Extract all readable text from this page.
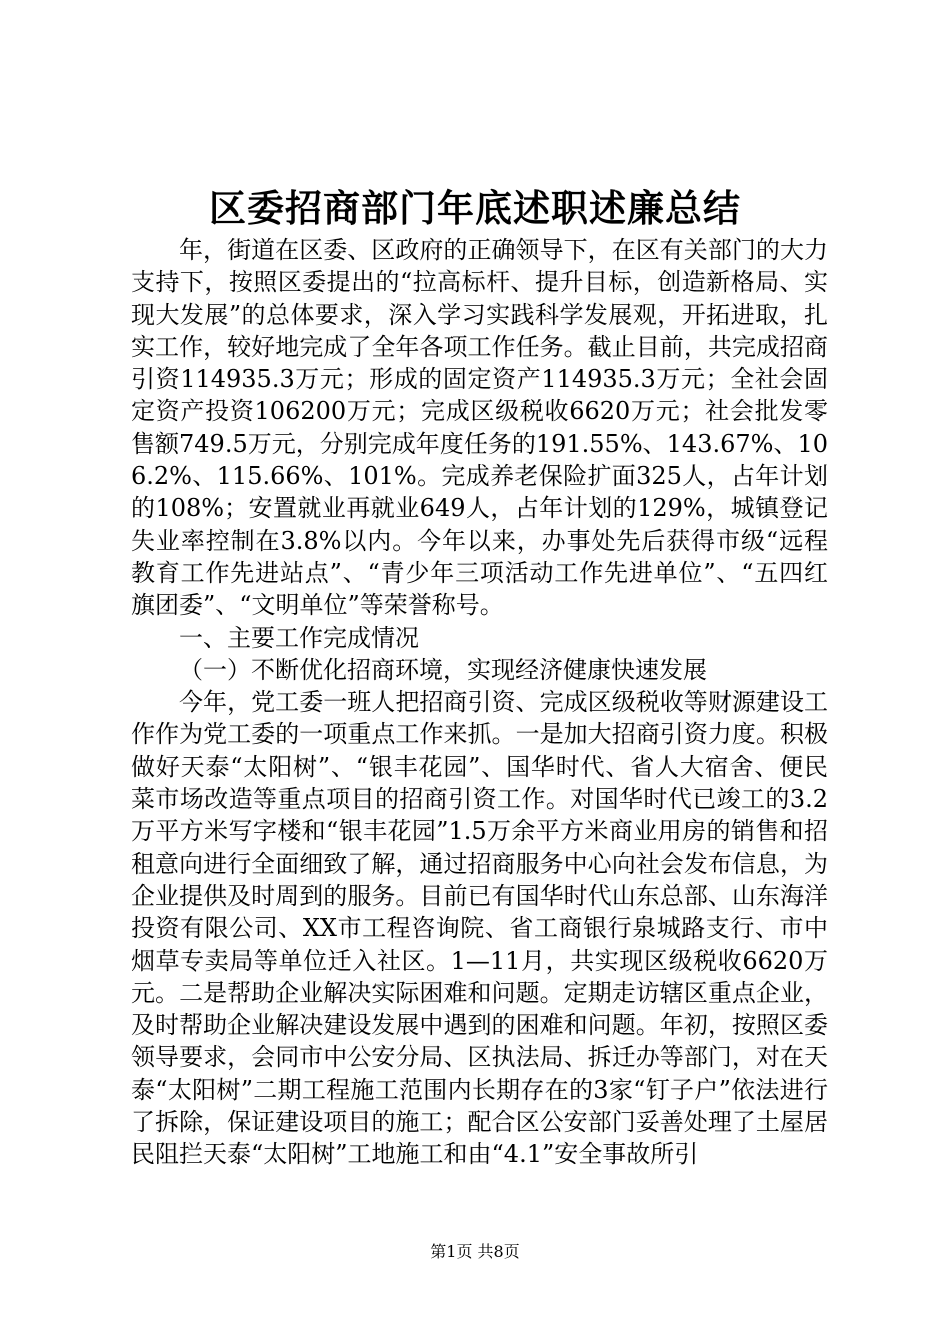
区委招商部门年底述职述廉总结

年，街道在区委、区政府的正确领导下，在区有关部门的大力支持下，按照区委提出的“拉高标杆、提升目标，创造新格局、实现大发展”的总体要求，深入学习实践科学发展观，开拓进取，扎实工作，较好地完成了全年各项工作任务。截止目前，共完成招商引资114935.3万元；形成的固定资产114935.3万元；全社会固定资产投资106200万元；完成区级税收6620万元；社会批发零售额749.5万元，分别完成年度任务的191.55%、143.67%、106.2%、115.66%、101%。完成养老保险扩面325人，占年计划的108%；安置就业再就业649人，占年计划的129%，城镇登记失业率控制在3.8%以内。今年以来，办事处先后获得市级“远程教育工作先进站点”、“青少年三项活动工作先进单位”、“五四红旗团委”、“文明单位”等荣誉称号。

一、主要工作完成情况

（一）不断优化招商环境，实现经济健康快速发展

今年，党工委一班人把招商引资、完成区级税收等财源建设工作作为党工委的一项重点工作来抓。一是加大招商引资力度。积极做好天泰“太阳树”、“银丰花园”、国华时代、省人大宿舍、便民菜市场改造等重点项目的招商引资工作。对国华时代已竣工的3.2万平方米写字楼和“银丰花园”1.5万余平方米商业用房的销售和招租意向进行全面细致了解，通过招商服务中心向社会发布信息，为企业提供及时周到的服务。目前已有国华时代山东总部、山东海洋投资有限公司、XX市工程咨询院、省工商银行泉城路支行、市中烟草专卖局等单位迁入社区。1—11月，共实现区级税收6620万元。二是帮助企业解决实际困难和问题。定期走访辖区重点企业，及时帮助企业解决建设发展中遇到的困难和问题。年初，按照区委领导要求，会同市中公安分局、区执法局、拆迁办等部门，对在天泰“太阳树”二期工程施工范围内长期存在的3家“钉子户”依法进行了拆除，保证建设项目的施工；配合区公安部门妥善处理了土屋居民阻拦天泰“太阳树”工地施工和由“4.1”安全事故所引

第1页 共8页
